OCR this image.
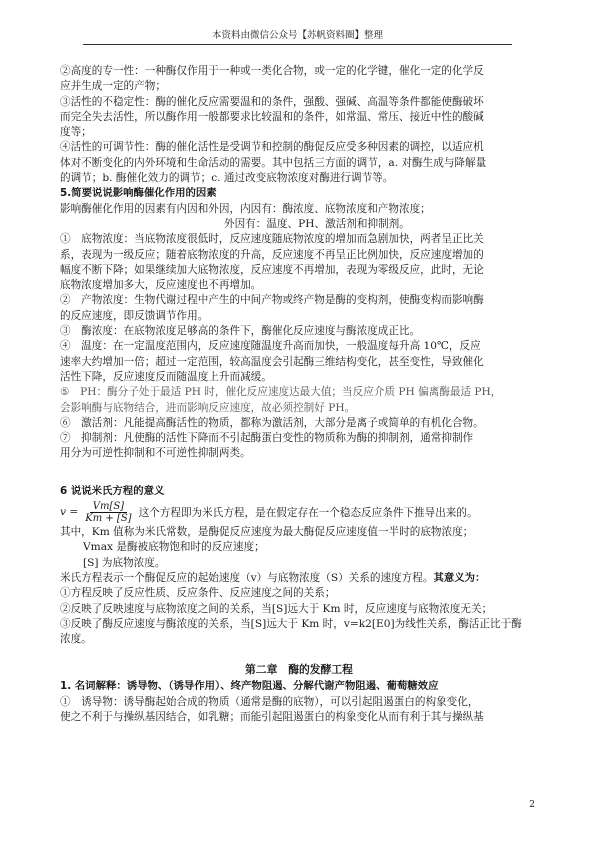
本资料由微信公众号【苏帆资料圈】整理
②高度的专一性：一种酶仅作用于一种或一类化合物，或一定的化学键，催化一定的化学反
应并生成一定的产物；
③活性的不稳定性：酶的催化反应需要温和的条件，强酸、强碱、高温等条件都能使酶破坏
而完全失去活性，所以酶作用一般都要求比较温和的条件，如常温、常压、接近中性的酸碱
度等；
④活性的可调节性：酶的催化活性是受调节和控制的酶促反应受多种因素的调控，以适应机
体对不断变化的内外环境和生命活动的需要。其中包括三方面的调节，a. 对酶生成与降解量
的调节；b. 酶催化效力的调节；c. 通过改变底物浓度对酶进行调节等。
5.简要说说影响酶催化作用的因素
影响酶催化作用的因素有内因和外因，内因有：酶浓度、底物浓度和产物浓度；
外因有：温度、PH、激活剂和抑制剂。
①　底物浓度：当底物浓度很低时，反应速度随底物浓度的增加而急剧加快，两者呈正比关
系，表现为一级反应；随着底物浓度的升高，反应速度不再呈正比例加快，反应速度增加的
幅度不断下降；如果继续加大底物浓度，反应速度不再增加，表现为零级反应，此时，无论
底物浓度增加多大，反应速度也不再增加。
②　产物浓度：生物代谢过程中产生的中间产物或终产物是酶的变构剂，使酶变构而影响酶
的反应速度，即反馈调节作用。
③　酶浓度：在底物浓度足够高的条件下，酶催化反应速度与酶浓度成正比。
④　温度：在一定温度范围内，反应速度随温度升高而加快，一般温度每升高 10℃，反应
速率大约增加一倍；超过一定范围，较高温度会引起酶三维结构变化，甚至变性，导致催化
活性下降，反应速度反而随温度上升而减缓。
⑤　PH：酶分子处于最适 PH 时，催化反应速度达最大值；当反应介质 PH 偏离酶最适 PH，
会影响酶与底物结合，进而影响反应速度，故必须控制好 PH。
⑥　激活剂：凡能提高酶活性的物质，都称为激活剂，大部分是离子或简单的有机化合物。
⑦　抑制剂：凡使酶的活性下降而不引起酶蛋白变性的物质称为酶的抑制剂，通常抑制作
用分为可逆性抑制和不可逆性抑制两类。
6 说说米氏方程的意义
$v = \frac{Vm[S]}{Km + [S]}$ 这个方程即为米氏方程，是在假定存在一个稳态反应条件下推导出来的。
其中，Km 值称为米氏常数，是酶促反应速度为最大酶促反应速度值一半时的底物浓度；
Vmax 是酶被底物饱和时的反应速度；
[S] 为底物浓度。
米氏方程表示一个酶促反应的起始速度（v）与底物浓度（S）关系的速度方程。其意义为：
①方程反映了反应性质、反应条件、反应速度之间的关系；
②反映了反映速度与底物浓度之间的关系，当[S]远大于 Km 时，反应速度与底物浓度无关；
③反映了酶反应速度与酶浓度的关系，当[S]远大于 Km 时，v=k2[E0]为线性关系，酶活正比于酶
浓度。
第二章　酶的发酵工程
1. 名词解释：诱导物、（诱导作用）、终产物阻遏、分解代谢产物阻遏、葡萄糖效应
①　诱导物：诱导酶起始合成的物质（通常是酶的底物），可以引起阻遏蛋白的构象变化，
使之不利于与操纵基因结合，如乳糖；而能引起阻遏蛋白的构象变化从而有利于其与操纵基
2
